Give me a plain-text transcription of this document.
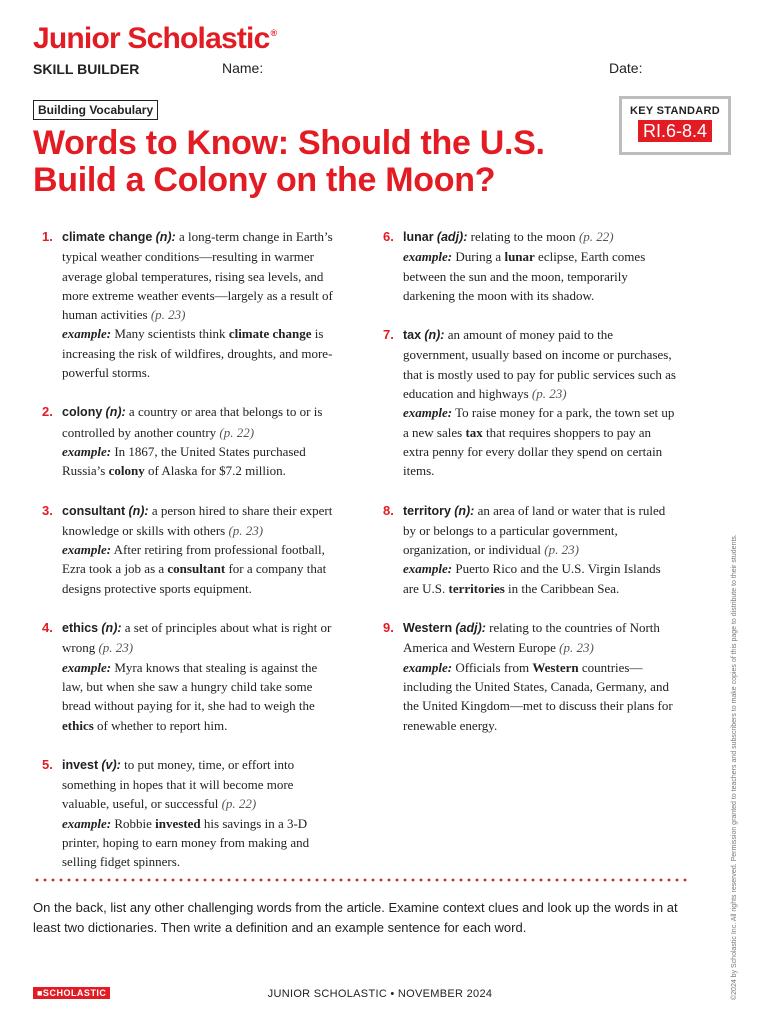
Junior Scholastic®
SKILL BUILDER	Name:	Date:
Building Vocabulary
Words to Know: Should the U.S. Build a Colony on the Moon?
KEY STANDARD
RI.6-8.4
1. climate change (n): a long-term change in Earth’s typical weather conditions—resulting in warmer average global temperatures, rising sea levels, and more extreme weather events—largely as a result of human activities (p. 23)
example: Many scientists think climate change is increasing the risk of wildfires, droughts, and more-powerful storms.
2. colony (n): a country or area that belongs to or is controlled by another country (p. 22)
example: In 1867, the United States purchased Russia’s colony of Alaska for $7.2 million.
3. consultant (n): a person hired to share their expert knowledge or skills with others (p. 23)
example: After retiring from professional football, Ezra took a job as a consultant for a company that designs protective sports equipment.
4. ethics (n): a set of principles about what is right or wrong (p. 23)
example: Myra knows that stealing is against the law, but when she saw a hungry child take some bread without paying for it, she had to weigh the ethics of whether to report him.
5. invest (v): to put money, time, or effort into something in hopes that it will become more valuable, useful, or successful (p. 22)
example: Robbie invested his savings in a 3-D printer, hoping to earn money from making and selling fidget spinners.
6. lunar (adj): relating to the moon (p. 22)
example: During a lunar eclipse, Earth comes between the sun and the moon, temporarily darkening the moon with its shadow.
7. tax (n): an amount of money paid to the government, usually based on income or purchases, that is mostly used to pay for public services such as education and highways (p. 23)
example: To raise money for a park, the town set up a new sales tax that requires shoppers to pay an extra penny for every dollar they spend on certain items.
8. territory (n): an area of land or water that is ruled by or belongs to a particular government, organization, or individual (p. 23)
example: Puerto Rico and the U.S. Virgin Islands are U.S. territories in the Caribbean Sea.
9. Western (adj): relating to the countries of North America and Western Europe (p. 23)
example: Officials from Western countries—including the United States, Canada, Germany, and the United Kingdom—met to discuss their plans for renewable energy.
On the back, list any other challenging words from the article. Examine context clues and look up the words in at least two dictionaries. Then write a definition and an example sentence for each word.	©2024 by Scholastic Inc. All rights reserved. Permission granted to teachers and subscribers to make copies of this page to distribute to their students.
■SCHOLASTIC	JUNIOR SCHOLASTIC • NOVEMBER 2024
